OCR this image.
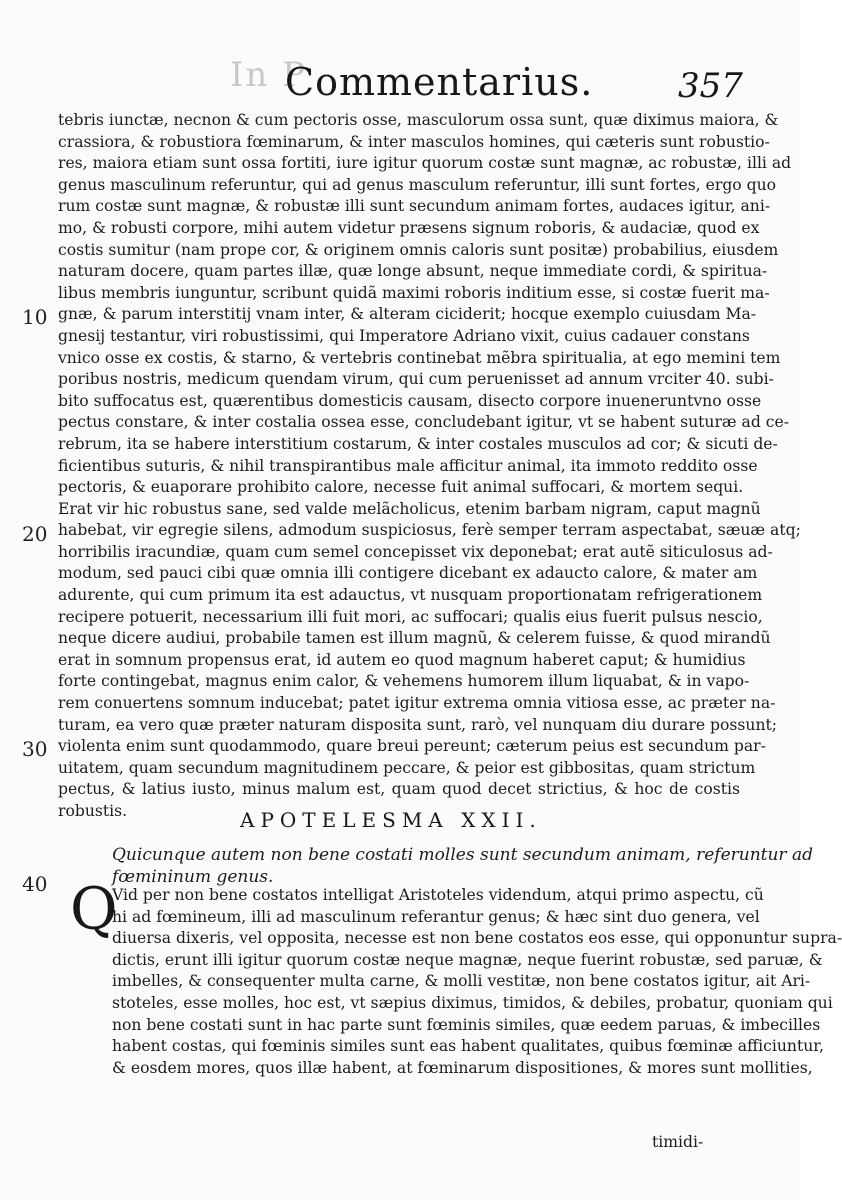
In P
Commentarius. 357
tebris iunctæ, necnon & cum pectoris osse, masculorum ossa sunt, quæ diximus maiora, &
crassiora, & robustiora fœminarum, & inter masculos homines, qui cæteris sunt robustio-
res, maiora etiam sunt ossa fortiti, iure igitur quorum costæ sunt magnæ, ac robustæ, illi ad
genus masculinum referuntur, qui ad genus masculum referuntur, illi sunt fortes, ergo quo
rum costæ sunt magnæ, & robustæ illi sunt secundum animam fortes, audaces igitur, ani-
mo, & robusti corpore, mihi autem videtur præsens signum roboris, & audaciæ, quod ex
costis sumitur (nam prope cor, & originem omnis caloris sunt positæ) probabilius, eiusdem
naturam docere, quam partes illæ, quæ longe absunt, neque immediate cordi, & spiritua-
libus membris iunguntur, scribunt quidã maximi roboris inditium esse, si costæ fuerit ma-
gnæ, & parum interstitij vnam inter, & alteram ciciderit; hocque exemplo cuiusdam Ma-
gnesij testantur, viri robustissimi, qui Imperatore Adriano vixit, cuius cadauer constans
vnico osse ex costis, & starno, & vertebris continebat mẽbra spiritualia, at ego memini tem
poribus nostris, medicum quendam virum, qui cum peruenisset ad annum vrciter 40. subi-
bito suffocatus est, quærentibus domesticis causam, disecto corpore inueneruntvno osse
pectus constare, & inter costalia ossea esse, concludebant igitur, vt se habent suturæ ad ce-
rebrum, ita se habere interstitium costarum, & inter costales musculos ad cor; & sicuti de-
ficientibus suturis, & nihil transpirantibus male afficitur animal, ita immoto reddito osse
pectoris, & euaporare prohibito calore, necesse fuit animal suffocari, & mortem sequi.
Erat vir hic robustus sane, sed valde melãcholicus, etenim barbam nigram, caput magnũ
habebat, vir egregie silens, admodum suspiciosus, ferè semper terram aspectabat, sæuæ atq;
horribilis iracundiæ, quam cum semel concepisset vix deponebat; erat autẽ siticulosus ad-
modum, sed pauci cibi quæ omnia illi contigere dicebant ex adaucto calore, & mater am
adurente, qui cum primum ita est adauctus, vt nusquam proportionatam refrigerationem
recipere potuerit, necessarium illi fuit mori, ac suffocari; qualis eius fuerit pulsus nescio,
neque dicere audiui, probabile tamen est illum magnũ, & celerem fuisse, & quod mirandũ
erat in somnum propensus erat, id autem eo quod magnum haberet caput; & humidius
forte contingebat, magnus enim calor, & vehemens humorem illum liquabat, & in vapo-
rem conuertens somnum inducebat; patet igitur extrema omnia vitiosa esse, ac præter na-
turam, ea vero quæ præter naturam disposita sunt, rarò, vel nunquam diu durare possunt;
violenta enim sunt quodammodo, quare breui pereunt; cæterum peius est secundum par-
uitatem, quam secundum magnitudinem peccare, & peior est gibbositas, quam strictum
pectus, & latius iusto, minus malum est, quam quod decet strictius, & hoc de costis
robustis.
10
20
30
40
APOTELESMA XXII.
Quicunque autem non bene costati molles sunt secundum animam, referuntur ad
fœmininum genus.
Q
Vid per non bene costatos intelligat Aristoteles videndum, atqui primo aspectu, cũ
hi ad fœmineum, illi ad masculinum referantur genus; & hæc sint duo genera, vel
diuersa dixeris, vel opposita, necesse est non bene costatos eos esse, qui opponuntur supra-
dictis, erunt illi igitur quorum costæ neque magnæ, neque fuerint robustæ, sed paruæ, &
imbelles, & consequenter multa carne, & molli vestitæ, non bene costatos igitur, ait Ari-
stoteles, esse molles, hoc est, vt sæpius diximus, timidos, & debiles, probatur, quoniam qui
non bene costati sunt in hac parte sunt fœminis similes, quæ eedem paruas, & imbecilles
habent costas, qui fœminis similes sunt eas habent qualitates, quibus fœminæ afficiuntur,
& eosdem mores, quos illæ habent, at fœminarum dispositiones, & mores sunt mollities,
timidi-
